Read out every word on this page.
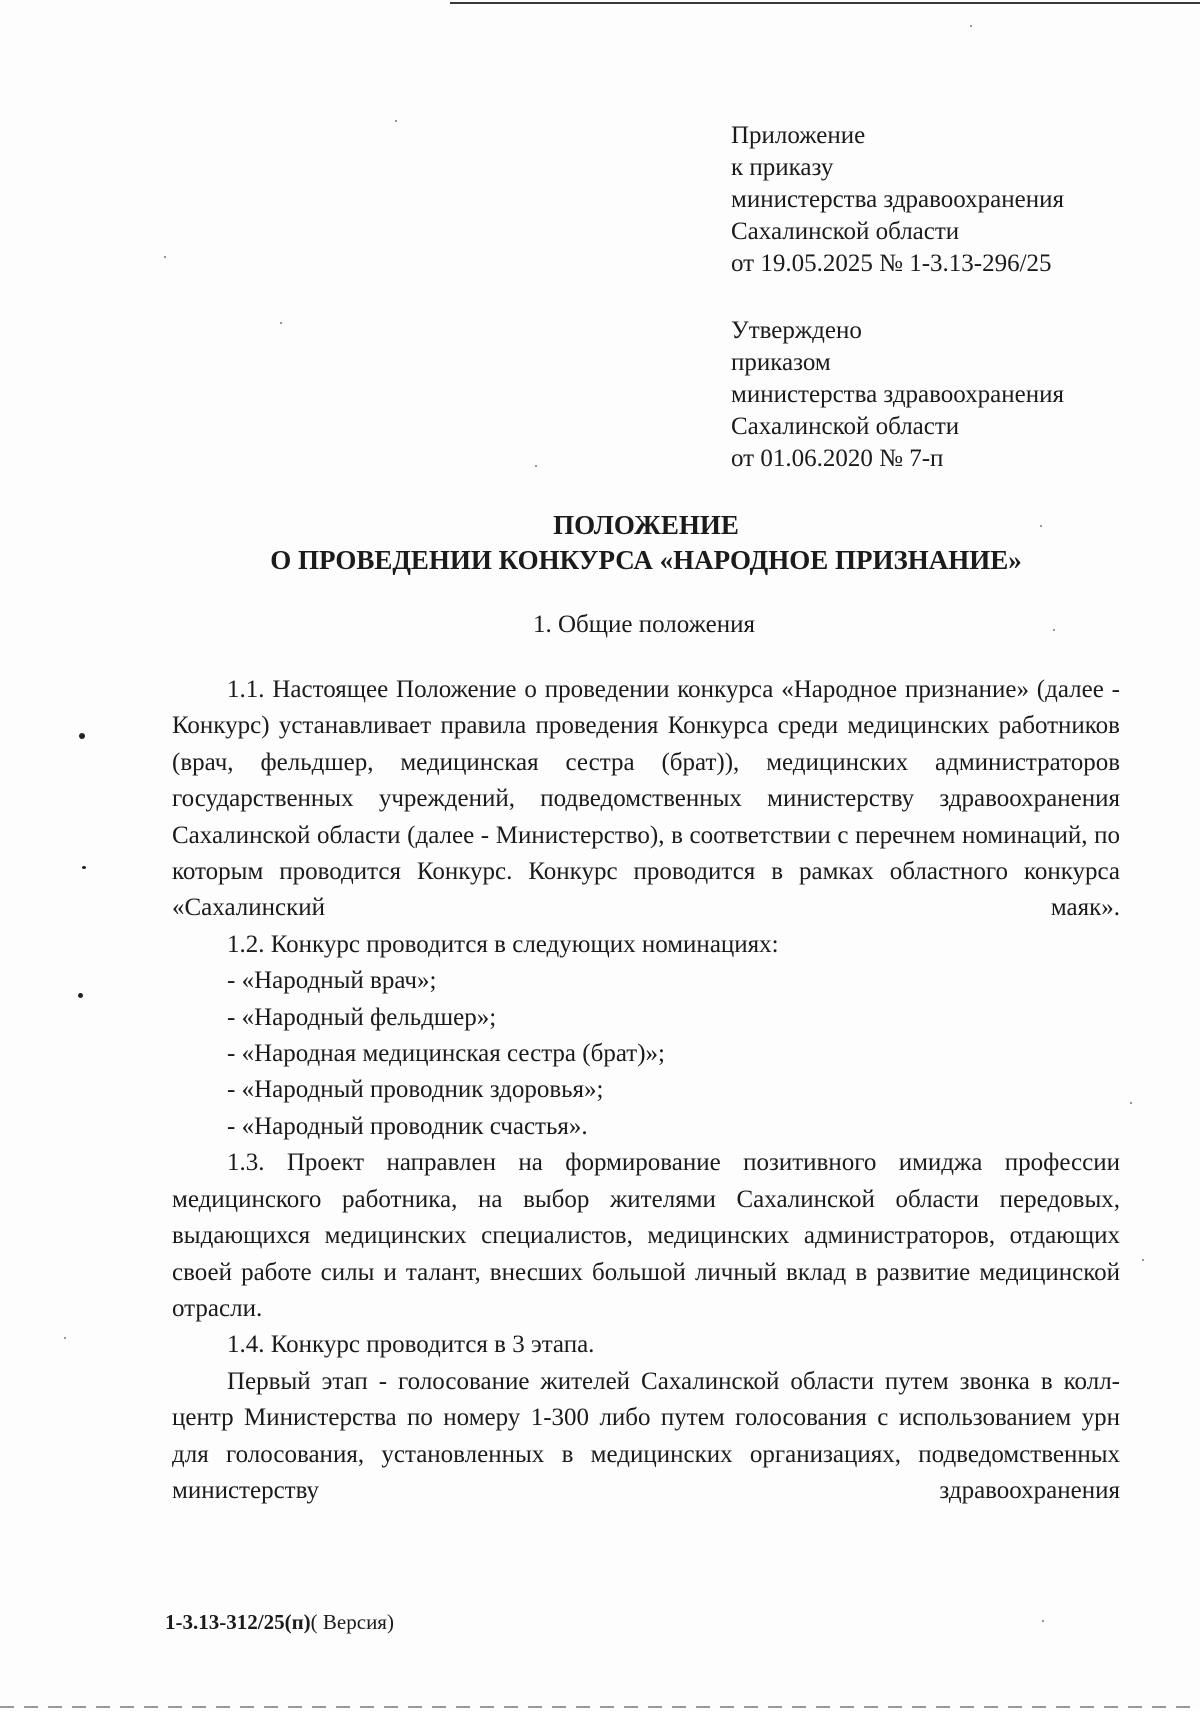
Приложение
к приказу
министерства здравоохранения
Сахалинской области
от 19.05.2025 № 1-3.13-296/25
Утверждено
приказом
министерства здравоохранения
Сахалинской области
от 01.06.2020 № 7-п
ПОЛОЖЕНИЕ
О ПРОВЕДЕНИИ КОНКУРСА «НАРОДНОЕ ПРИЗНАНИЕ»
1. Общие положения

1.1. Настоящее Положение о проведении конкурса «Народное признание» (далее - Конкурс) устанавливает правила проведения Конкурса среди медицинских работников (врач, фельдшер, медицинская сестра (брат)), медицинских администраторов государственных учреждений, подведомственных министерству здравоохранения Сахалинской области (далее - Министерство), в соответствии с перечнем номинаций, по которым проводится Конкурс. Конкурс проводится в рамках областного конкурса «Сахалинский маяк».

1.2. Конкурс проводится в следующих номинациях:

- «Народный врач»;

- «Народный фельдшер»;

- «Народная медицинская сестра (брат)»;

- «Народный проводник здоровья»;

- «Народный проводник счастья».

1.3. Проект направлен на формирование позитивного имиджа профессии медицинского работника, на выбор жителями Сахалинской области передовых, выдающихся медицинских специалистов, медицинских администраторов, отдающих своей работе силы и талант, внесших большой личный вклад в развитие медицинской отрасли.

1.4. Конкурс проводится в 3 этапа.

Первый этап - голосование жителей Сахалинской области путем звонка в колл-центр Министерства по номеру 1-300 либо путем голосования с использованием урн для голосования, установленных в медицинских организациях, подведомственных министерству здравоохранения

1-3.13-312/25(п)( Версия)
